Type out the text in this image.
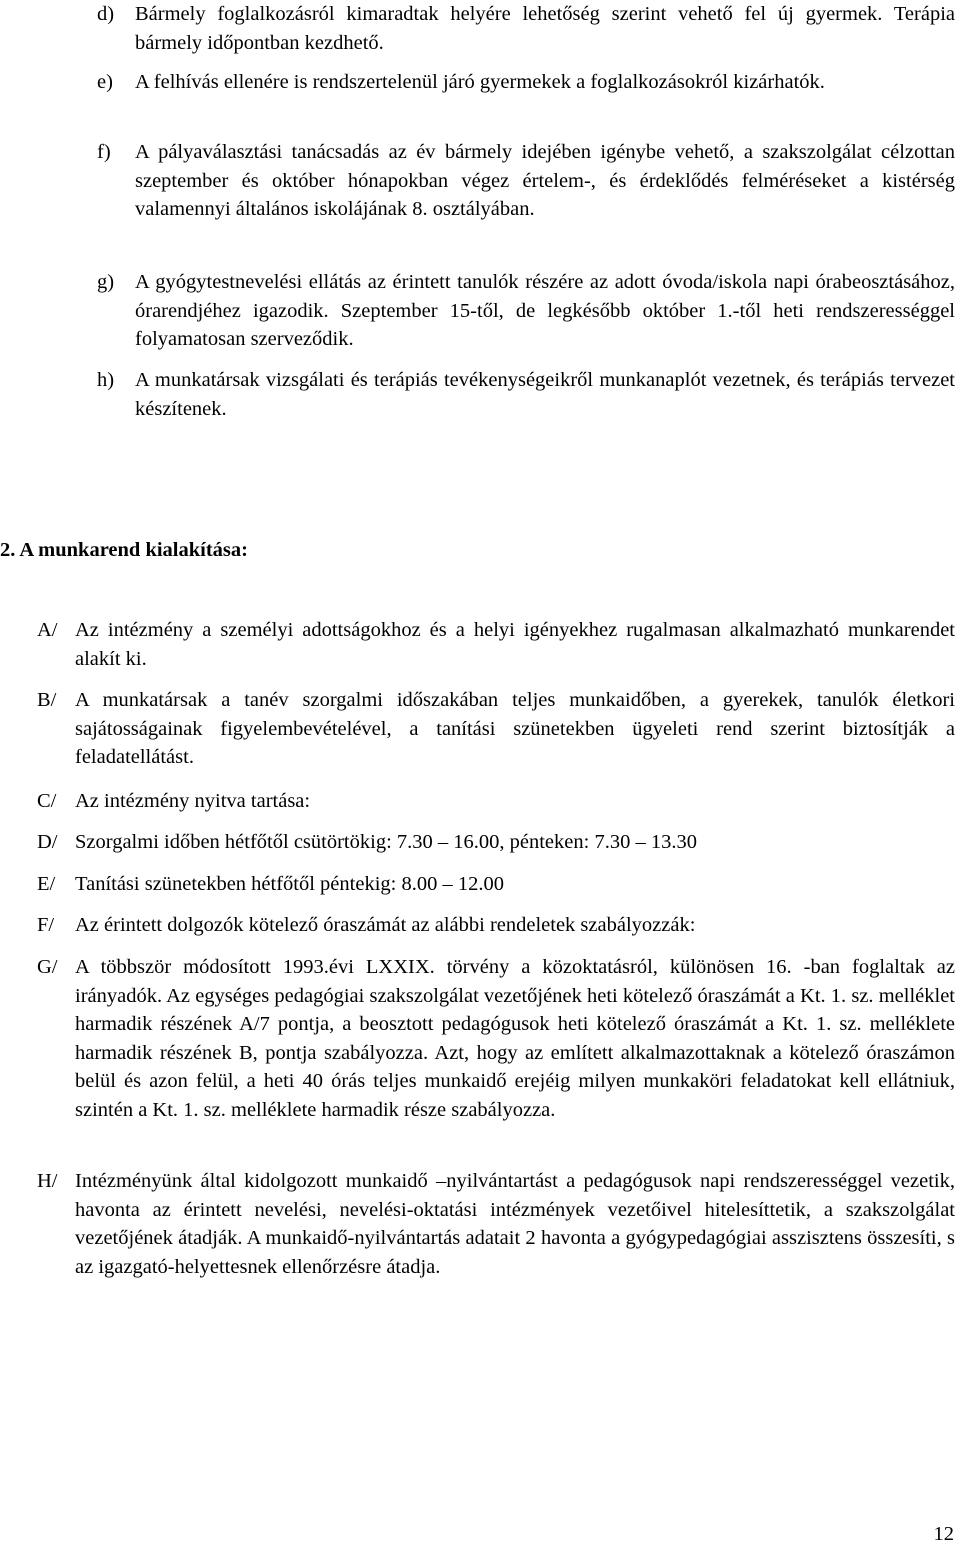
d) Bármely foglalkozásról kimaradtak helyére lehetőség szerint vehető fel új gyermek. Terápia bármely időpontban kezdhető.
e) A felhívás ellenére is rendszertelenül járó gyermekek a foglalkozásokról kizárhatók.
f) A pályaválasztási tanácsadás az év bármely idejében igénybe vehető, a szakszolgálat célzottan szeptember és október hónapokban végez értelem-, és érdeklődés felméréseket a kistérség valamennyi általános iskolájának 8. osztályában.
g) A gyógytestnevelési ellátás az érintett tanulók részére az adott óvoda/iskola napi órabeosztásához, órarendjéhez igazodik. Szeptember 15-től, de legkésőbb október 1.-től heti rendszerességgel folyamatosan szerveződik.
h) A munkatársak vizsgálati és terápiás tevékenységeikről munkanaplót vezetnek, és terápiás tervezet készítenek.
2. A munkarend kialakítása:
A/ Az intézmény a személyi adottságokhoz és a helyi igényekhez rugalmasan alkalmazható munkarendet alakít ki.
B/ A munkatársak a tanév szorgalmi időszakában teljes munkaidőben, a gyerekek, tanulók életkori sajátosságainak figyelembevételével, a tanítási szünetekben ügyeleti rend szerint biztosítják a feladatellátást.
C/ Az intézmény nyitva tartása:
D/ Szorgalmi időben hétfőtől csütörtökig: 7.30 – 16.00, pénteken: 7.30 – 13.30
E/ Tanítási szünetekben hétfőtől péntekig: 8.00 – 12.00
F/ Az érintett dolgozók kötelező óraszámát az alábbi rendeletek szabályozzák:
G/ A többször módosított 1993.évi LXXIX. törvény a közoktatásról, különösen 16. -ban foglaltak az irányadók. Az egységes pedagógiai szakszolgálat vezetőjének heti kötelező óraszámát a Kt. 1. sz. melléklet harmadik részének A/7 pontja, a beosztott pedagógusok heti kötelező óraszámát a Kt. 1. sz. melléklete harmadik részének B, pontja szabályozza. Azt, hogy az említett alkalmazottaknak a kötelező óraszámon belül és azon felül, a heti 40 órás teljes munkaidő erejéig milyen munkaköri feladatokat kell ellátniuk, szintén a Kt. 1. sz. melléklete harmadik része szabályozza.
H/ Intézményünk által kidolgozott munkaidő –nyilvántartást a pedagógusok napi rendszerességgel vezetik, havonta az érintett nevelési, nevelési-oktatási intézmények vezetőivel hitelesíttetik, a szakszolgálat vezetőjének átadják. A munkaidő-nyilvántartás adatait 2 havonta a gyógypedagógiai asszisztens összesíti, s az igazgató-helyettesnek ellenőrzésre átadja.
12
